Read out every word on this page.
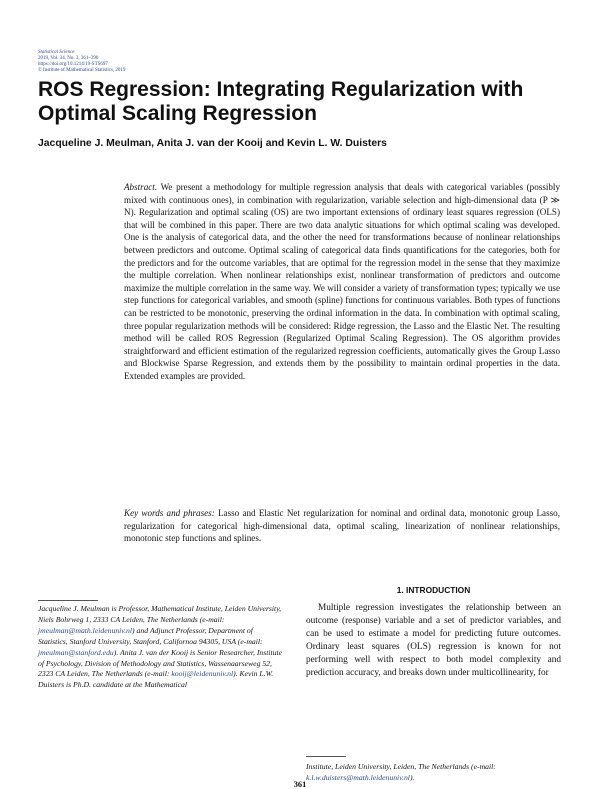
Statistical Science
2019, Vol. 34, No. 3, 361–390
https://doi.org/10.1214/19-STS697
© Institute of Mathematical Statistics, 2019
ROS Regression: Integrating Regularization with Optimal Scaling Regression
Jacqueline J. Meulman, Anita J. van der Kooij and Kevin L. W. Duisters
Abstract. We present a methodology for multiple regression analysis that deals with categorical variables (possibly mixed with continuous ones), in combination with regularization, variable selection and high-dimensional data (P ≫ N). Regularization and optimal scaling (OS) are two important extensions of ordinary least squares regression (OLS) that will be combined in this paper. There are two data analytic situations for which optimal scaling was developed. One is the analysis of categorical data, and the other the need for transformations because of nonlinear relationships between predictors and outcome. Optimal scaling of categorical data finds quantifications for the categories, both for the predictors and for the outcome variables, that are optimal for the regression model in the sense that they maximize the multiple correlation. When nonlinear relationships exist, nonlinear transformation of predictors and outcome maximize the multiple correlation in the same way. We will consider a variety of transformation types; typically we use step functions for categorical variables, and smooth (spline) functions for continuous variables. Both types of functions can be restricted to be monotonic, preserving the ordinal information in the data. In combination with optimal scaling, three popular regularization methods will be considered: Ridge regression, the Lasso and the Elastic Net. The resulting method will be called ROS Regression (Regularized Optimal Scaling Regression). The OS algorithm provides straightforward and efficient estimation of the regularized regression coefficients, automatically gives the Group Lasso and Blockwise Sparse Regression, and extends them by the possibility to maintain ordinal properties in the data. Extended examples are provided.
Key words and phrases: Lasso and Elastic Net regularization for nominal and ordinal data, monotonic group Lasso, regularization for categorical high-dimensional data, optimal scaling, linearization of nonlinear relationships, monotonic step functions and splines.
1. INTRODUCTION
Multiple regression investigates the relationship between an outcome (response) variable and a set of predictor variables, and can be used to estimate a model for predicting future outcomes. Ordinary least squares (OLS) regression is known for not performing well with respect to both model complexity and prediction accuracy, and breaks down under multicollinearity, for
Jacqueline J. Meulman is Professor, Mathematical Institute, Leiden University, Niels Bohrweg 1, 2333 CA Leiden, The Netherlands (e-mail: jmeulman@math.leidenuniv.nl) and Adjunct Professor, Department of Statistics, Stanford University, Stanford, Californoa 94305, USA (e-mail: jmeulman@stanford.edu). Anita J. van der Kooij is Senior Researcher, Institute of Psychology, Division of Methodology and Statistics, Wassenaarseweg 52, 2323 CA Leiden, The Netherlands (e-mail: kooij@leidenuniv.nl). Kevin L.W. Duisters is Ph.D. candidate at the Mathematical
Institute, Leiden University, Leiden, The Netherlands (e-mail: k.l.w.duisters@math.leidenuniv.nl).
361
